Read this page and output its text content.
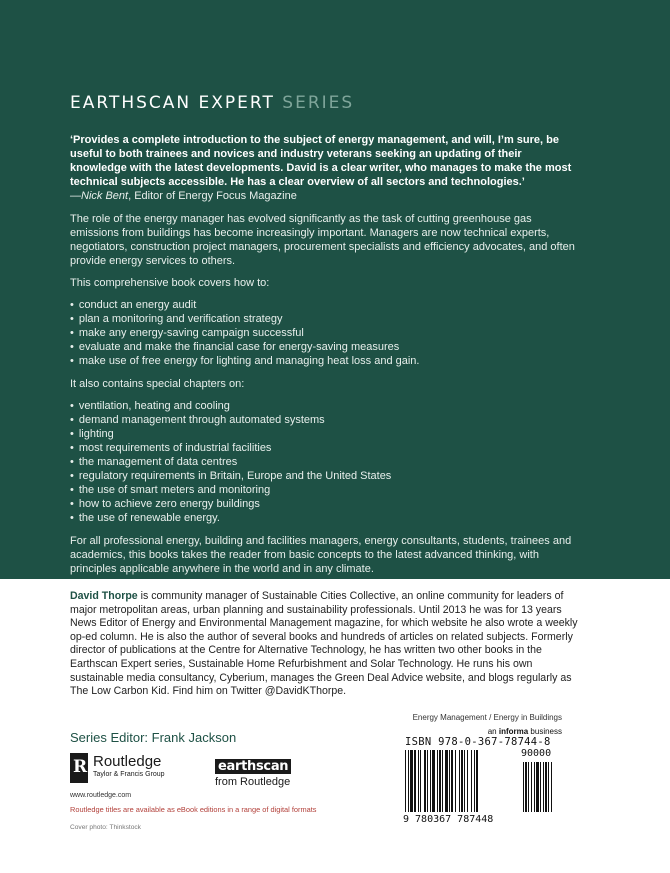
EARTHSCAN EXPERT SERIES

‘Provides a complete introduction to the subject of energy management, and will, I’m sure, be useful to both trainees and novices and industry veterans seeking an updating of their knowledge with the latest developments. David is a clear writer, who manages to make the most technical subjects accessible. He has a clear overview of all sectors and technologies.’

—Nick Bent, Editor of Energy Focus Magazine

The role of the energy manager has evolved significantly as the task of cutting greenhouse gas emissions from buildings has become increasingly important. Managers are now technical experts, negotiators, construction project managers, procurement specialists and efficiency advocates, and often provide energy services to others.

This comprehensive book covers how to:

• conduct an energy audit
• plan a monitoring and verification strategy
• make any energy-saving campaign successful
• evaluate and make the financial case for energy-saving measures
• make use of free energy for lighting and managing heat loss and gain.

It also contains special chapters on:

• ventilation, heating and cooling
• demand management through automated systems
• lighting
• most requirements of industrial facilities
• the management of data centres
• regulatory requirements in Britain, Europe and the United States
• the use of smart meters and monitoring
• how to achieve zero energy buildings
• the use of renewable energy.

For all professional energy, building and facilities managers, energy consultants, students, trainees and academics, this books takes the reader from basic concepts to the latest advanced thinking, with principles applicable anywhere in the world and in any climate.

David Thorpe is community manager of Sustainable Cities Collective, an online community for leaders of major metropolitan areas, urban planning and sustainability professionals. Until 2013 he was for 13 years News Editor of Energy and Environmental Management magazine, for which website he also wrote a weekly op-ed column. He is also the author of several books and hundreds of articles on related subjects. Formerly director of publications at the Centre for Alternative Technology, he has written two other books in the Earthscan Expert series, Sustainable Home Refurbishment and Solar Technology. He runs his own sustainable media consultancy, Cyberium, manages the Green Deal Advice website, and blogs regularly as The Low Carbon Kid. Find him on Twitter @DavidKThorpe.

Energy Management / Energy in Buildings
an informa business
Series Editor: Frank Jackson
R Routledge
Taylor & Francis Group
www.routledge.com
earthscan
from Routledge
Routledge titles are available as eBook editions in a range of digital formats
Cover photo: Thinkstock
ISBN 978-0-367-78744-8
90000
9 780367 787448
